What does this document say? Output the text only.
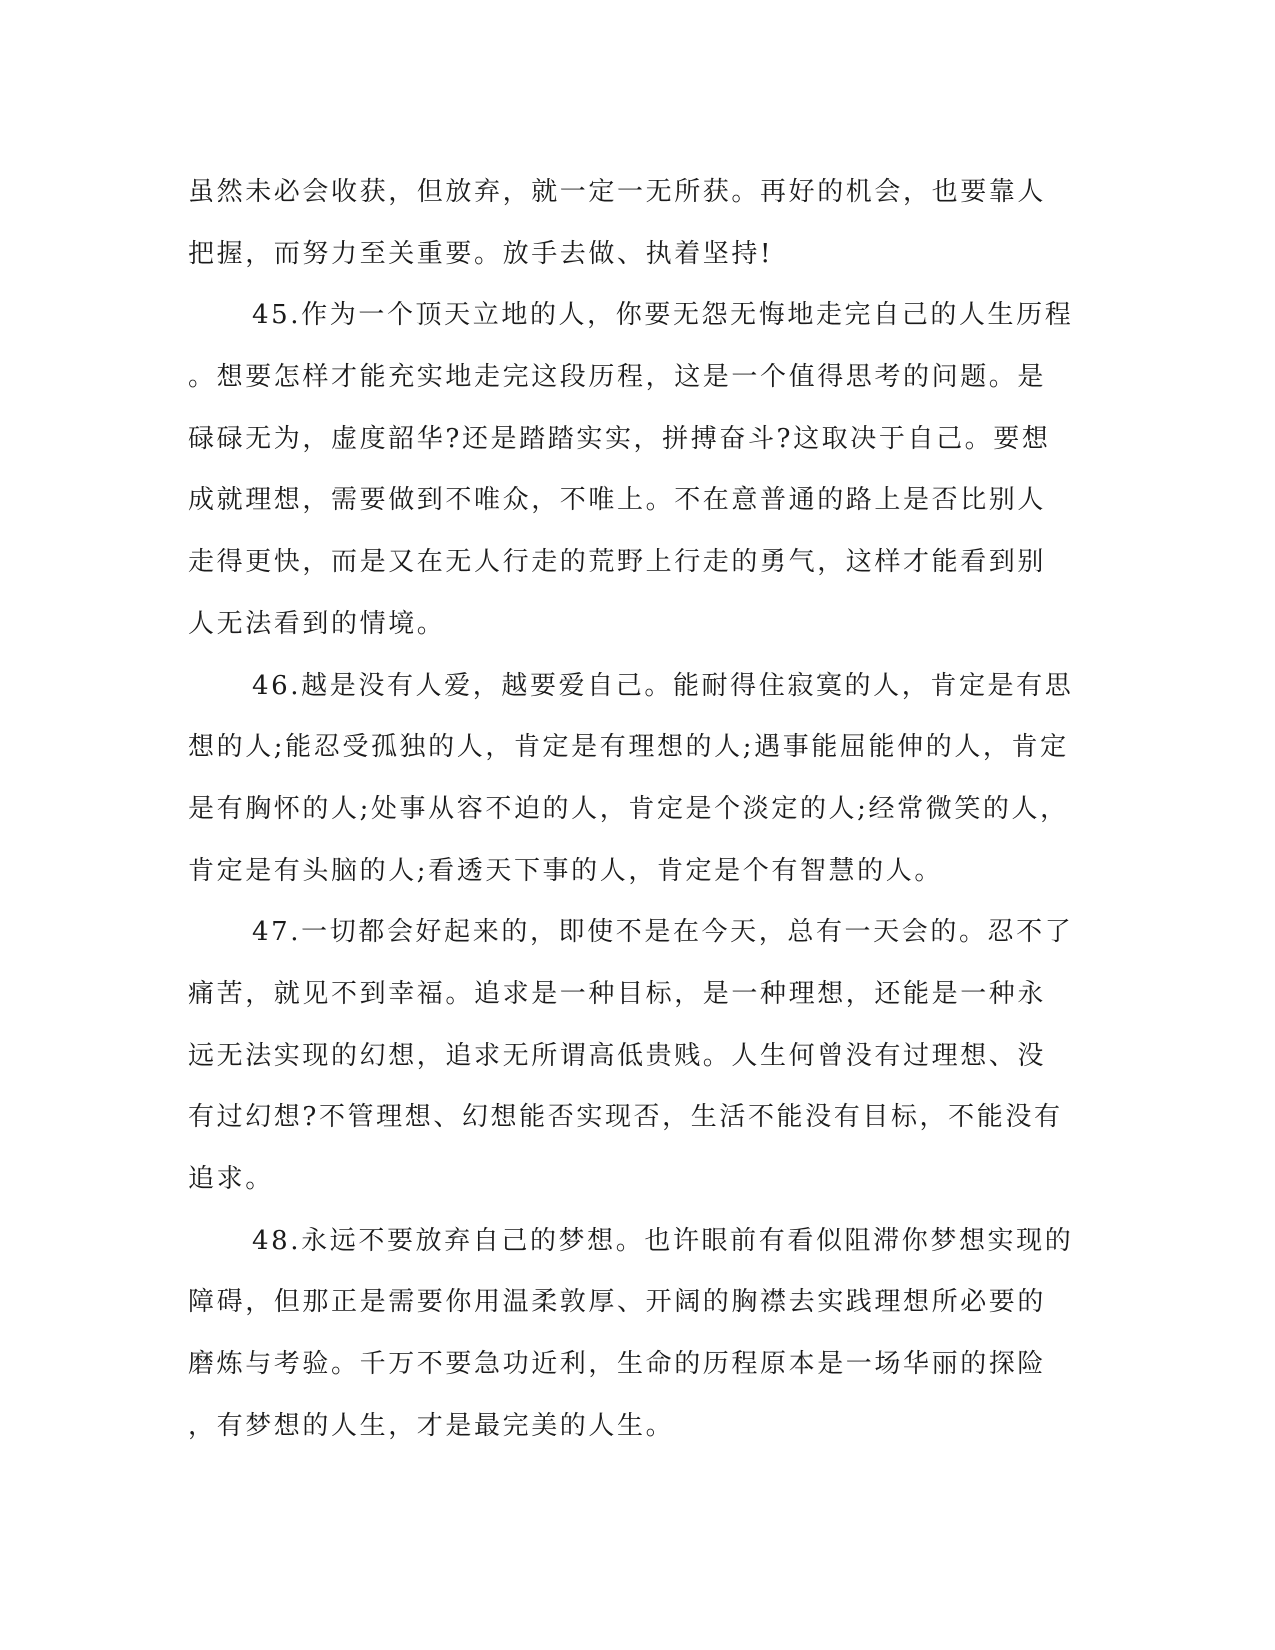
虽然未必会收获，但放弃，就一定一无所获。再好的机会，也要靠人
把握，而努力至关重要。放手去做、执着坚持!
45.作为一个顶天立地的人，你要无怨无悔地走完自己的人生历程
。想要怎样才能充实地走完这段历程，这是一个值得思考的问题。是
碌碌无为，虚度韶华?还是踏踏实实，拼搏奋斗?这取决于自己。要想
成就理想，需要做到不唯众，不唯上。不在意普通的路上是否比别人
走得更快，而是又在无人行走的荒野上行走的勇气，这样才能看到别
人无法看到的情境。
46.越是没有人爱，越要爱自己。能耐得住寂寞的人，肯定是有思
想的人;能忍受孤独的人，肯定是有理想的人;遇事能屈能伸的人，肯定
是有胸怀的人;处事从容不迫的人，肯定是个淡定的人;经常微笑的人，
肯定是有头脑的人;看透天下事的人，肯定是个有智慧的人。
47.一切都会好起来的，即使不是在今天，总有一天会的。忍不了
痛苦，就见不到幸福。追求是一种目标，是一种理想，还能是一种永
远无法实现的幻想，追求无所谓高低贵贱。人生何曾没有过理想、没
有过幻想?不管理想、幻想能否实现否，生活不能没有目标，不能没有
追求。
48.永远不要放弃自己的梦想。也许眼前有看似阻滞你梦想实现的
障碍，但那正是需要你用温柔敦厚、开阔的胸襟去实践理想所必要的
磨炼与考验。千万不要急功近利，生命的历程原本是一场华丽的探险
，有梦想的人生，才是最完美的人生。
